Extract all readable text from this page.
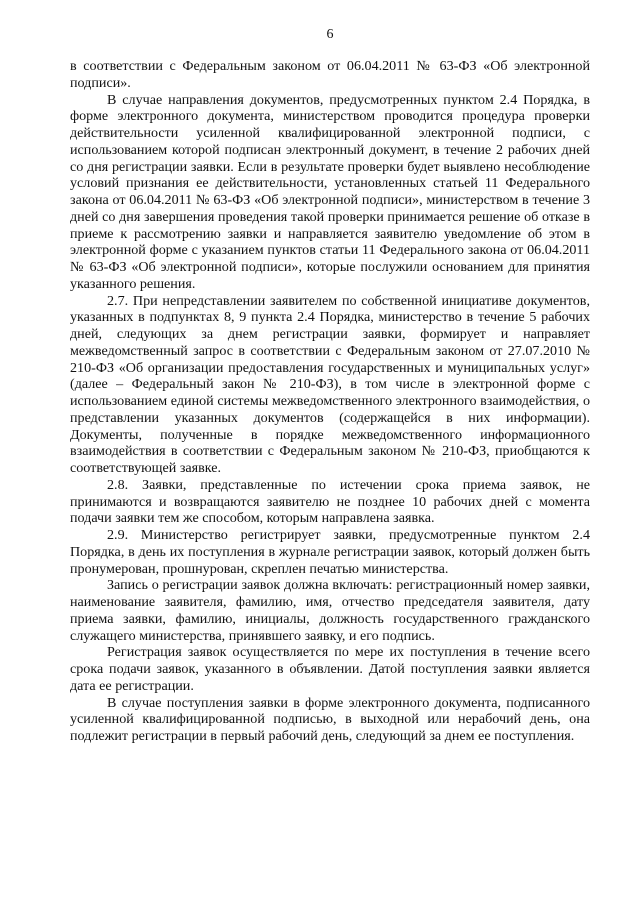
6

в соответствии с Федеральным законом от 06.04.2011 № 63-ФЗ «Об электронной подписи».

В случае направления документов, предусмотренных пунктом 2.4 Порядка, в форме электронного документа, министерством проводится процедура проверки действительности усиленной квалифицированной электронной подписи, с использованием которой подписан электронный документ, в течение 2 рабочих дней со дня регистрации заявки. Если в результате проверки будет выявлено несоблюдение условий признания ее действительности, установленных статьей 11 Федерального закона от 06.04.2011 № 63-ФЗ «Об электронной подписи», министерством в течение 3 дней со дня завершения проведения такой проверки принимается решение об отказе в приеме к рассмотрению заявки и направляется заявителю уведомление об этом в электронной форме с указанием пунктов статьи 11 Федерального закона от 06.04.2011 № 63-ФЗ «Об электронной подписи», которые послужили основанием для принятия указанного решения.

2.7. При непредставлении заявителем по собственной инициативе документов, указанных в подпунктах 8, 9 пункта 2.4 Порядка, министерство в течение 5 рабочих дней, следующих за днем регистрации заявки, формирует и направляет межведомственный запрос в соответствии с Федеральным законом от 27.07.2010 № 210-ФЗ «Об организации предоставления государственных и муниципальных услуг» (далее – Федеральный закон № 210-ФЗ), в том числе в электронной форме с использованием единой системы межведомственного электронного взаимодействия, о представлении указанных документов (содержащейся в них информации). Документы, полученные в порядке межведомственного информационного взаимодействия в соответствии с Федеральным законом № 210-ФЗ, приобщаются к соответствующей заявке.

2.8. Заявки, представленные по истечении срока приема заявок, не принимаются и возвращаются заявителю не позднее 10 рабочих дней с момента подачи заявки тем же способом, которым направлена заявка.

2.9. Министерство регистрирует заявки, предусмотренные пунктом 2.4 Порядка, в день их поступления в журнале регистрации заявок, который должен быть пронумерован, прошнурован, скреплен печатью министерства.

Запись о регистрации заявок должна включать: регистрационный номер заявки, наименование заявителя, фамилию, имя, отчество председателя заявителя, дату приема заявки, фамилию, инициалы, должность государственного гражданского служащего министерства, принявшего заявку, и его подпись.

Регистрация заявок осуществляется по мере их поступления в течение всего срока подачи заявок, указанного в объявлении. Датой поступления заявки является дата ее регистрации.

В случае поступления заявки в форме электронного документа, подписанного усиленной квалифицированной подписью, в выходной или нерабочий день, она подлежит регистрации в первый рабочий день, следующий за днем ее поступления.
